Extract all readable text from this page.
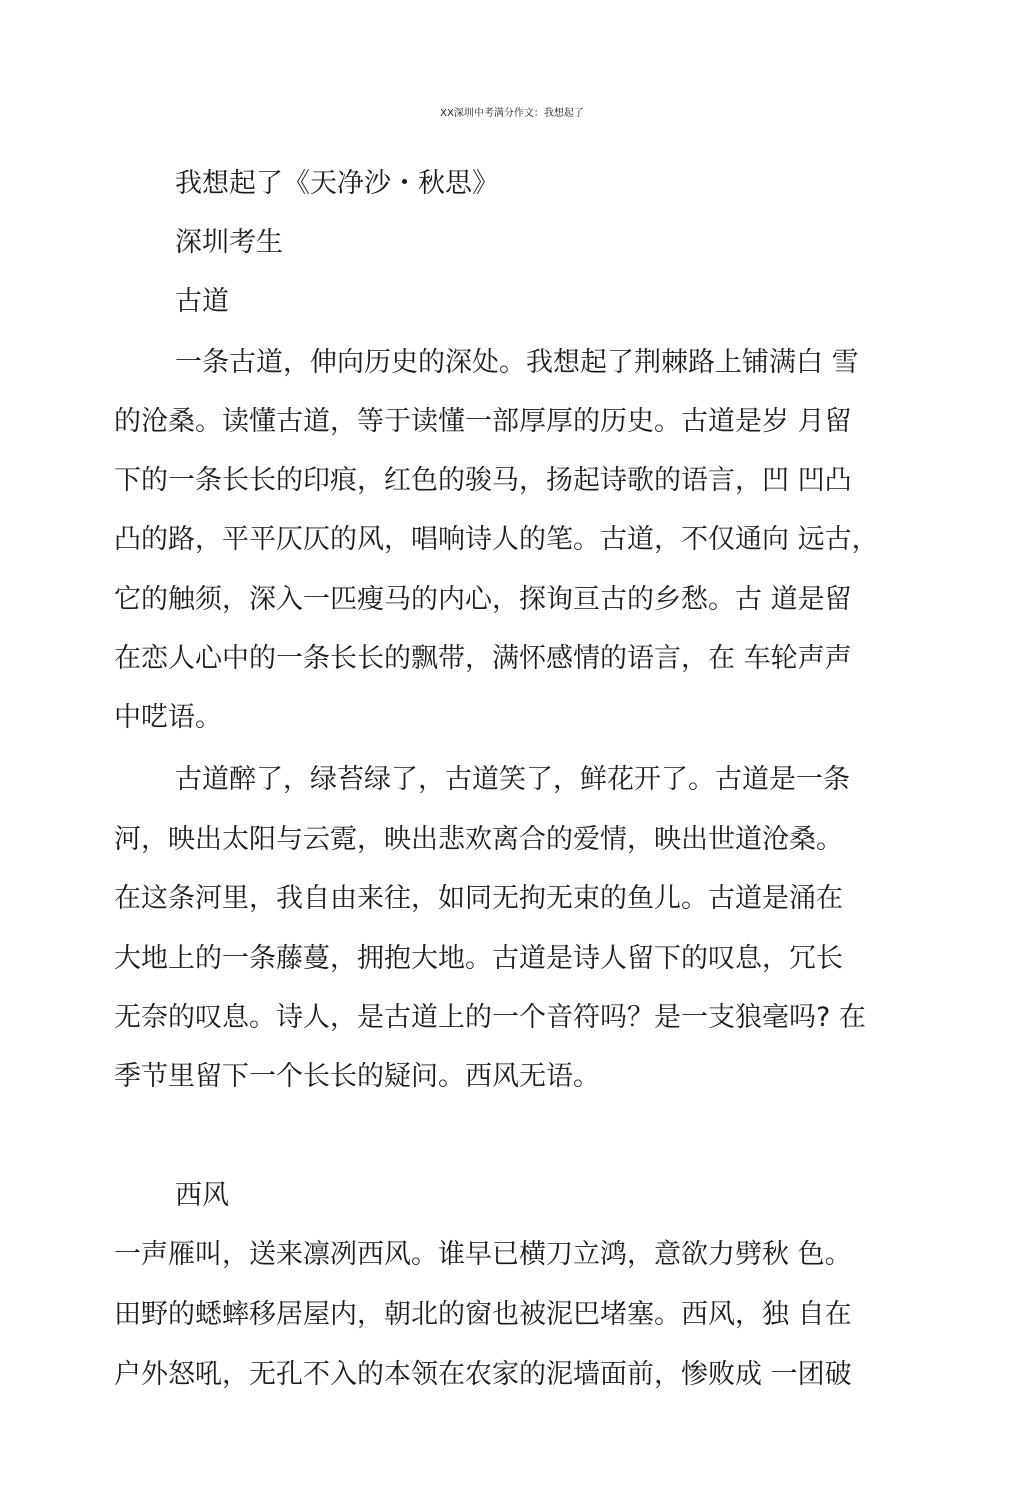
XX深圳中考满分作文：我想起了
我想起了《天净沙・秋思》
深圳考生
古道
一条古道，伸向历史的深处。我想起了荆棘路上铺满白 雪
的沧桑。读懂古道，等于读懂一部厚厚的历史。古道是岁 月留
下的一条长长的印痕，红色的骏马，扬起诗歌的语言，凹 凹凸
凸的路，平平仄仄的风，唱响诗人的笔。古道，不仅通向 远古，
它的触须，深入一匹瘦马的内心，探询亘古的乡愁。古 道是留
在恋人心中的一条长长的飘带，满怀感情的语言，在 车轮声声
中呓语。
古道醉了，绿苔绿了，古道笑了，鲜花开了。古道是一条
河，映出太阳与云霓，映出悲欢离合的爱情，映出世道沧桑。
在这条河里，我自由来往，如同无拘无束的鱼儿。古道是涌在
大地上的一条藤蔓，拥抱大地。古道是诗人留下的叹息，冗长
无奈的叹息。诗人，是古道上的一个音符吗？是一支狼毫吗? 在
季节里留下一个长长的疑问。西风无语。
西风
一声雁叫，送来凛冽西风。谁早已横刀立鸿，意欲力劈秋 色。
田野的蟋蟀移居屋内，朝北的窗也被泥巴堵塞。西风，独 自在
户外怒吼，无孔不入的本领在农家的泥墙面前，惨败成 一团破
